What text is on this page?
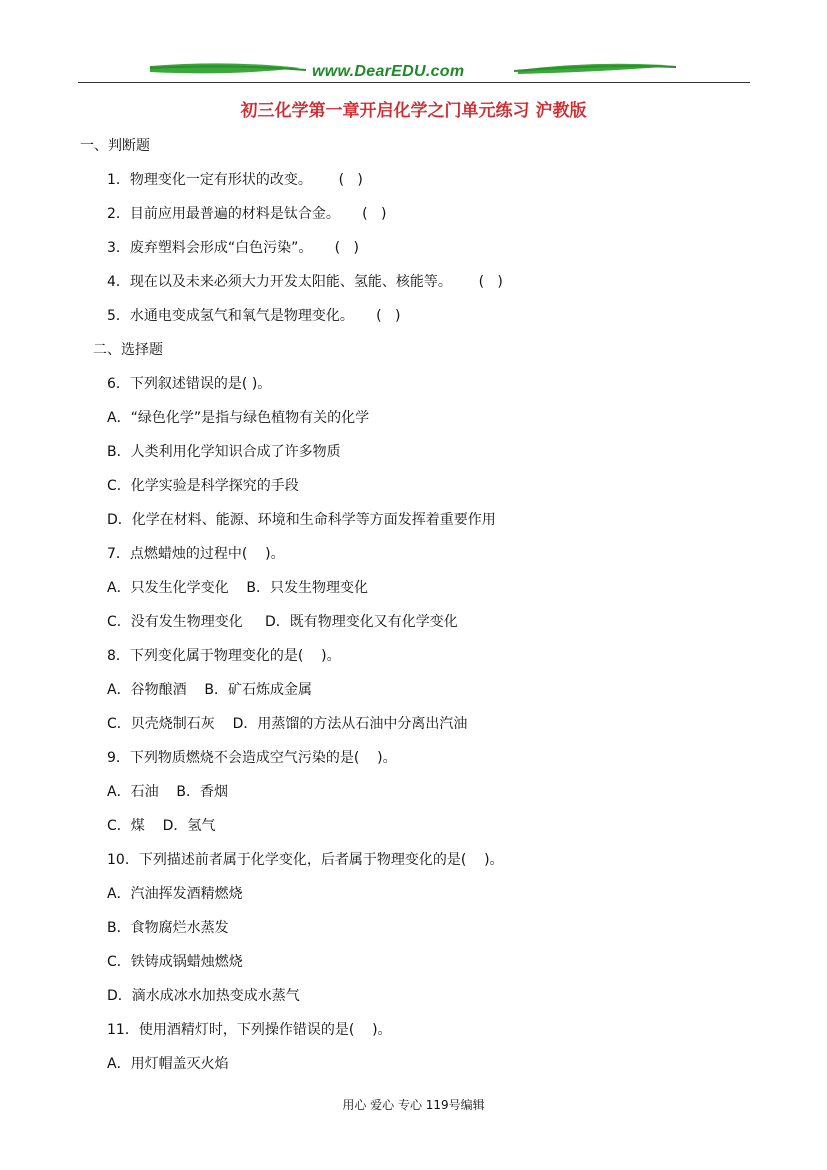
www.DearEDU.com
初三化学第一章开启化学之门单元练习 沪教版
一、判断题
1．物理变化一定有形状的改变。      (   )
2．目前应用最普遍的材料是钛合金。     (   )
3．废弃塑料会形成“白色污染”。     (   )
4．现在以及未来必须大力开发太阳能、氢能、核能等。      (   )
5．水通电变成氢气和氧气是物理变化。     (   )
二、选择题
6．下列叙述错误的是( )。
A．“绿色化学”是指与绿色植物有关的化学
B．人类利用化学知识合成了许多物质
C．化学实验是科学探究的手段
D．化学在材料、能源、环境和生命科学等方面发挥着重要作用
7．点燃蜡烛的过程中(    )。
A．只发生化学变化    B．只发生物理变化
C．没有发生物理变化     D．既有物理变化又有化学变化
8．下列变化属于物理变化的是(    )。
A．谷物酿酒    B．矿石炼成金属
C．贝壳烧制石灰    D．用蒸馏的方法从石油中分离出汽油
9．下列物质燃烧不会造成空气污染的是(    )。
A．石油    B．香烟
C．煤    D．氢气
10．下列描述前者属于化学变化，后者属于物理变化的是(    )。
A．汽油挥发酒精燃烧
B．食物腐烂水蒸发
C．铁铸成锅蜡烛燃烧
D．滴水成冰水加热变成水蒸气
11．使用酒精灯时，下列操作错误的是(    )。
A．用灯帽盖灭火焰
用心 爱心 专心 119号编辑
